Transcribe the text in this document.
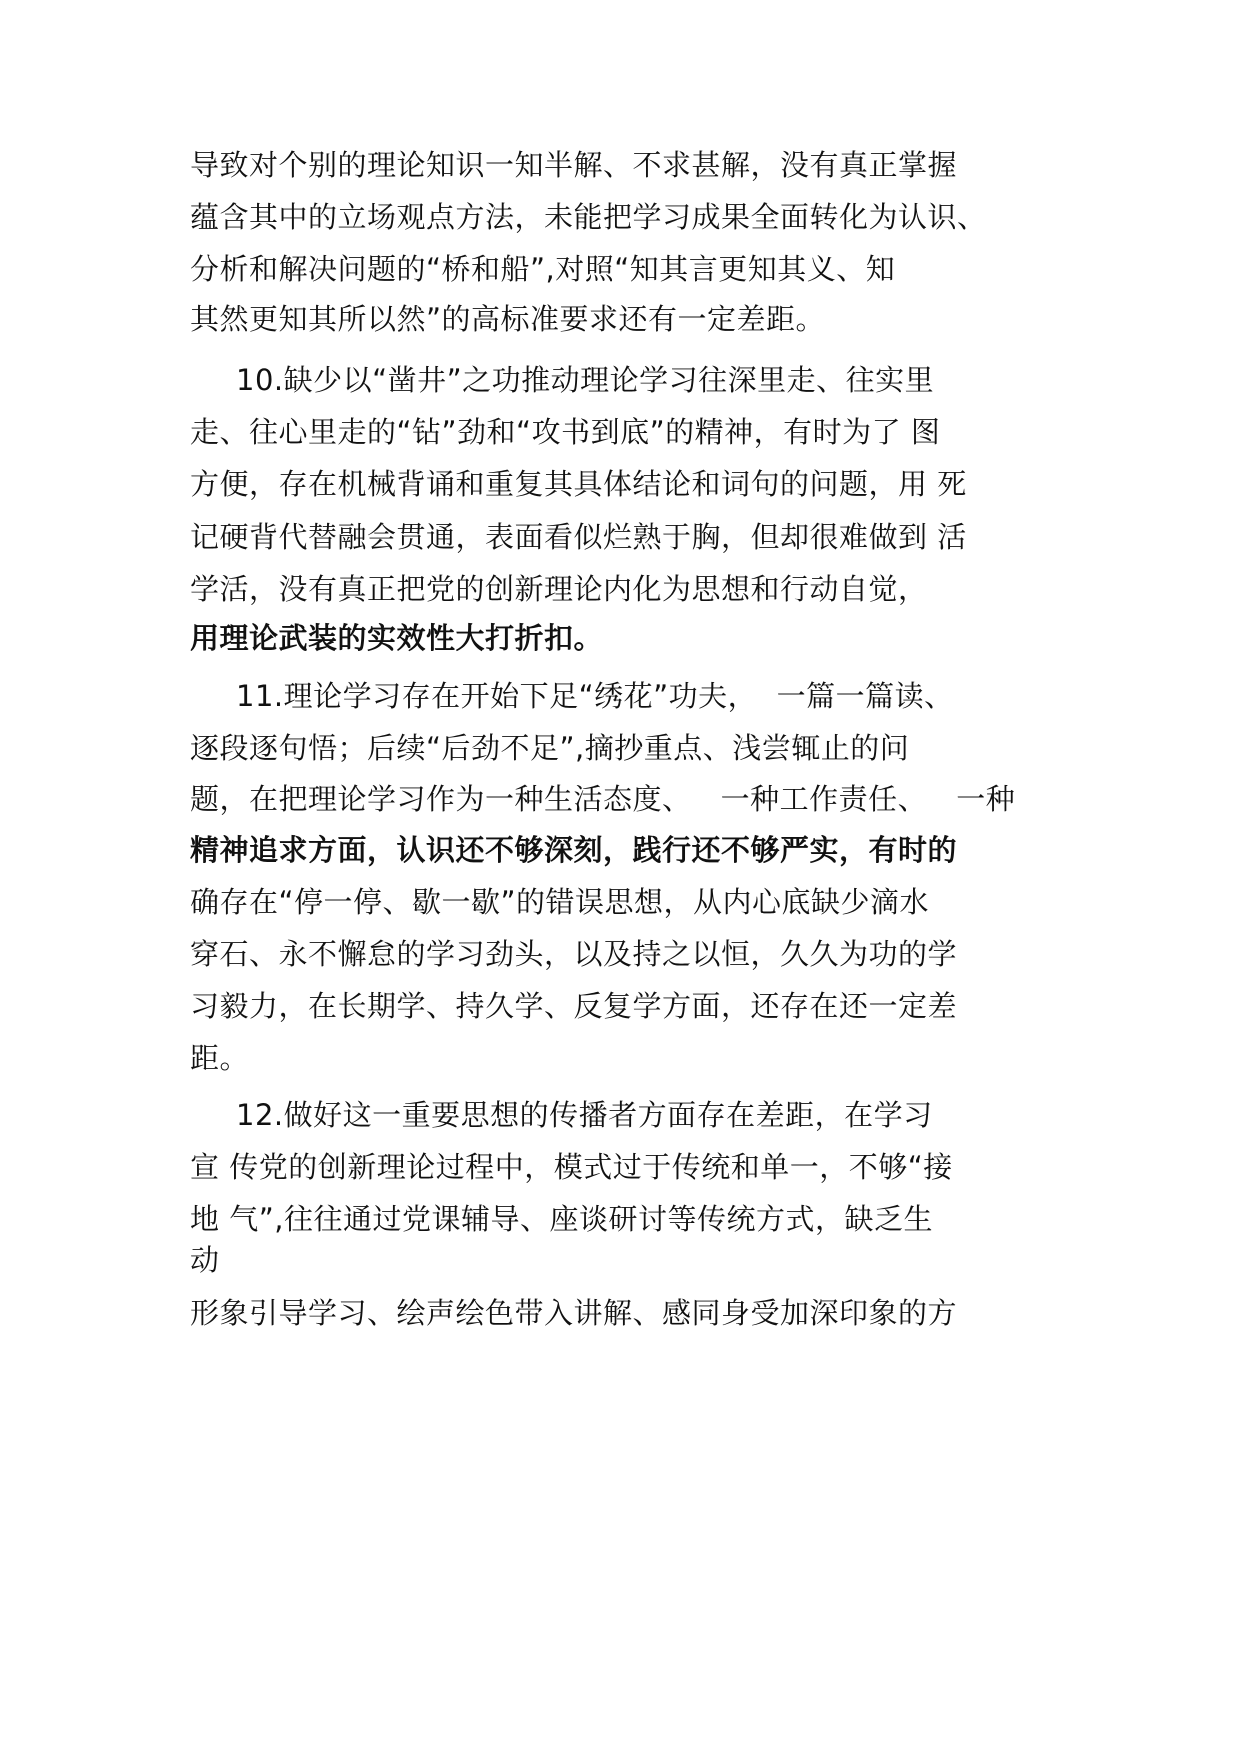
导致对个别的理论知识一知半解、不求甚解，没有真正掌握
蕴含其中的立场观点方法，未能把学习成果全面转化为认识、
分析和解决问题的“桥和船”,对照“知其言更知其义、知
其然更知其所以然”的高标准要求还有一定差距。
10.缺少以“凿井”之功推动理论学习往深里走、往实里
走、往心里走的“钻”劲和“攻书到底”的精神，有时为了 图
方便，存在机械背诵和重复其具体结论和词句的问题，用 死
记硬背代替融会贯通，表面看似烂熟于胸，但却很难做到 活
学活，没有真正把党的创新理论内化为思想和行动自觉，
用理论武装的实效性大打折扣。
11.理论学习存在开始下足“绣花”功夫，  一篇一篇读、
逐段逐句悟；后续“后劲不足”,摘抄重点、浅尝辄止的问
题，在把理论学习作为一种生活态度、   一种工作责任、   一种
精神追求方面，认识还不够深刻，践行还不够严实，有时的
确存在“停一停、歇一歇”的错误思想，从内心底缺少滴水
穿石、永不懈怠的学习劲头，以及持之以恒，久久为功的学
习毅力，在长期学、持久学、反复学方面，还存在还一定差
距。
12.做好这一重要思想的传播者方面存在差距，在学习
宣 传党的创新理论过程中，模式过于传统和单一，不够“接
地 气”,往往通过党课辅导、座谈研讨等传统方式，缺乏生
动
形象引导学习、绘声绘色带入讲解、感同身受加深印象的方
